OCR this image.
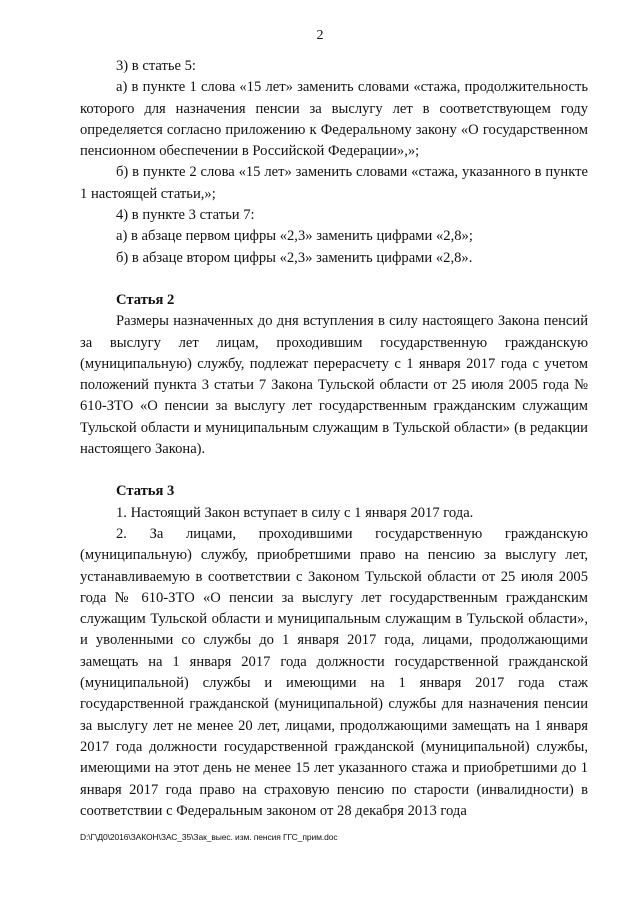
2

3) в статье 5:

а) в пункте 1 слова «15 лет» заменить словами «стажа, продолжительность которого для назначения пенсии за выслугу лет в соответствующем году определяется согласно приложению к Федеральному закону «О государственном пенсионном обеспечении в Российской Федерации»,»;

б) в пункте 2 слова «15 лет» заменить словами «стажа, указанного в пункте 1 настоящей статьи,»;

4) в пункте 3 статьи 7:

а) в абзаце первом цифры «2,3» заменить цифрами «2,8»;

б) в абзаце втором цифры «2,3» заменить цифрами «2,8».

Статья 2

Размеры назначенных до дня вступления в силу настоящего Закона пенсий за выслугу лет лицам, проходившим государственную гражданскую (муниципальную) службу, подлежат перерасчету с 1 января 2017 года с учетом положений пункта 3 статьи 7 Закона Тульской области от 25 июля 2005 года № 610-ЗТО «О пенсии за выслугу лет государственным гражданским служащим Тульской области и муниципальным служащим в Тульской области» (в редакции настоящего Закона).

Статья 3

1. Настоящий Закон вступает в силу с 1 января 2017 года.

2. За лицами, проходившими государственную гражданскую (муниципальную) службу, приобретшими право на пенсию за выслугу лет, устанавливаемую в соответствии с Законом Тульской области от 25 июля 2005 года № 610-ЗТО «О пенсии за выслугу лет государственным гражданским служащим Тульской области и муниципальным служащим в Тульской области», и уволенными со службы до 1 января 2017 года, лицами, продолжающими замещать на 1 января 2017 года должности государственной гражданской (муниципальной) службы и имеющими на 1 января 2017 года стаж государственной гражданской (муниципальной) службы для назначения пенсии за выслугу лет не менее 20 лет, лицами, продолжающими замещать на 1 января 2017 года должности государственной гражданской (муниципальной) службы, имеющими на этот день не менее 15 лет указанного стажа и приобретшими до 1 января 2017 года право на страховую пенсию по старости (инвалидности) в соответствии с Федеральным законом от 28 декабря 2013 года

D:\Г\Д0\2016\ЗАКОН\ЗАС_35\Зак_выес. изм. пенсия ГГС_прим.doc
